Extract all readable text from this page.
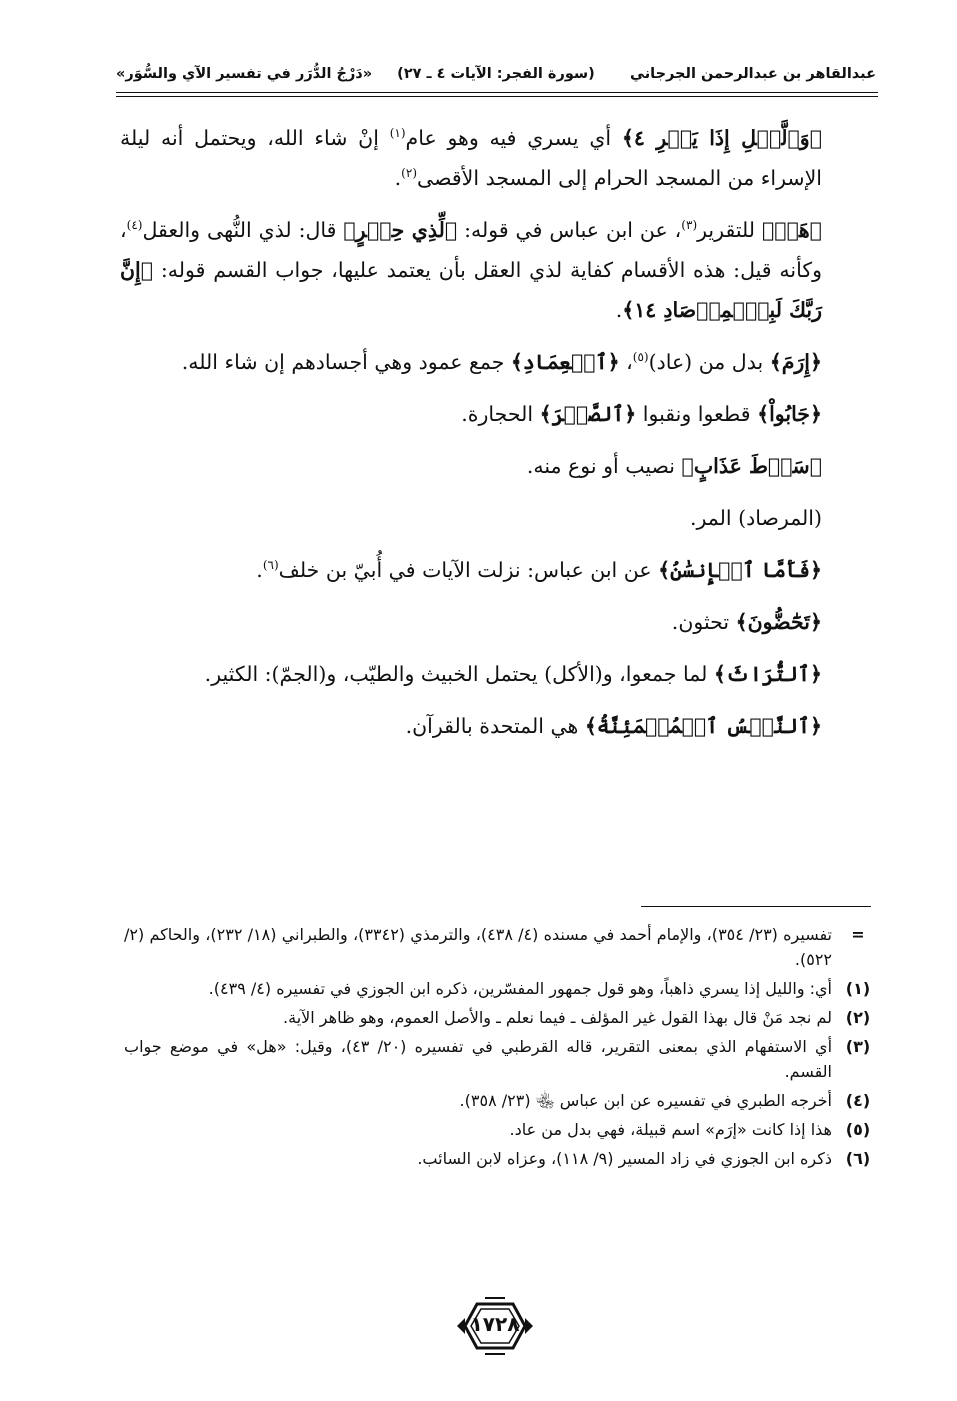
عبدالقاهر بن عبدالرحمن الجرجاني
(سورة الفجر: الآيات ٤ ـ ٢٧)
«دَرْجُ الدُّرَر في تفسير الآي والسُّوَر»

﴿وَٱلَّيۡلِ إِذَا يَسۡرِ ٤﴾ أي يسري فيه وهو عام$^{(١)}$ إنْ شاء الله، ويحتمل أنه ليلة الإسراء من المسجد الحرام إلى المسجد الأقصى$^{(٢)}$.

﴿هَلۡ﴾ للتقرير$^{(٣)}$، عن ابن عباس في قوله: ﴿لِّذِي حِجۡرٍ﴾ قال: لذي النُّهى والعقل$^{(٤)}$، وكأنه قيل: هذه الأقسام كفاية لذي العقل بأن يعتمد عليها، جواب القسم قوله: ﴿إِنَّ رَبَّكَ لَبِٱلۡمِرۡصَادِ ١٤﴾.

﴿إِرَمَ﴾ بدل من (عاد)$^{(٥)}$، ﴿ٱلۡعِمَادِ﴾ جمع عمود وهي أجسادهم إن شاء الله.

﴿جَابُواْ﴾ قطعوا ونقبوا ﴿ٱلصَّخۡرَ﴾ الحجارة.

﴿سَوۡطَ عَذَابٍ﴾ نصيب أو نوع منه.

(المرصاد) المر.

﴿فَأَمَّا ٱلۡإِنسَٰنُ﴾ عن ابن عباس: نزلت الآيات في أُبيّ بن خلف$^{(٦)}$.

﴿تَحَٰٓضُّونَ﴾ تحثون.

﴿ٱلتُّرَاثَ﴾ لما جمعوا، و(الأكل) يحتمل الخبيث والطيّب، و(الجمّ): الكثير.

﴿ٱلنَّفۡسُ ٱلۡمُطۡمَئِنَّةُ﴾ هي المتحدة بالقرآن.

=
تفسيره (٢٣/ ٣٥٤)، والإمام أحمد في مسنده (٤/ ٤٣٨)، والترمذي (٣٣٤٢)، والطبراني (١٨/ ٢٣٢)، والحاكم (٢/ ٥٢٢).
(١)
أي: والليل إذا يسري ذاهباً، وهو قول جمهور المفسّرين، ذكره ابن الجوزي في تفسيره (٤/ ٤٣٩).
(٢)
لم نجد مَنْ قال بهذا القول غير المؤلف ـ فيما نعلم ـ والأصل العموم، وهو ظاهر الآية.
(٣)
أي الاستفهام الذي بمعنى التقرير، قاله القرطبي في تفسيره (٢٠/ ٤٣)، وقيل: «هل» في موضع جواب القسم.
(٤)
أخرجه الطبري في تفسيره عن ابن عباس ﵄ (٢٣/ ٣٥٨).
(٥)
هذا إذا كانت «إرَم» اسم قبيلة، فهي بدل من عاد.
(٦)
ذكره ابن الجوزي في زاد المسير (٩/ ١١٨)، وعزاه لابن السائب.
١٧٢٨
